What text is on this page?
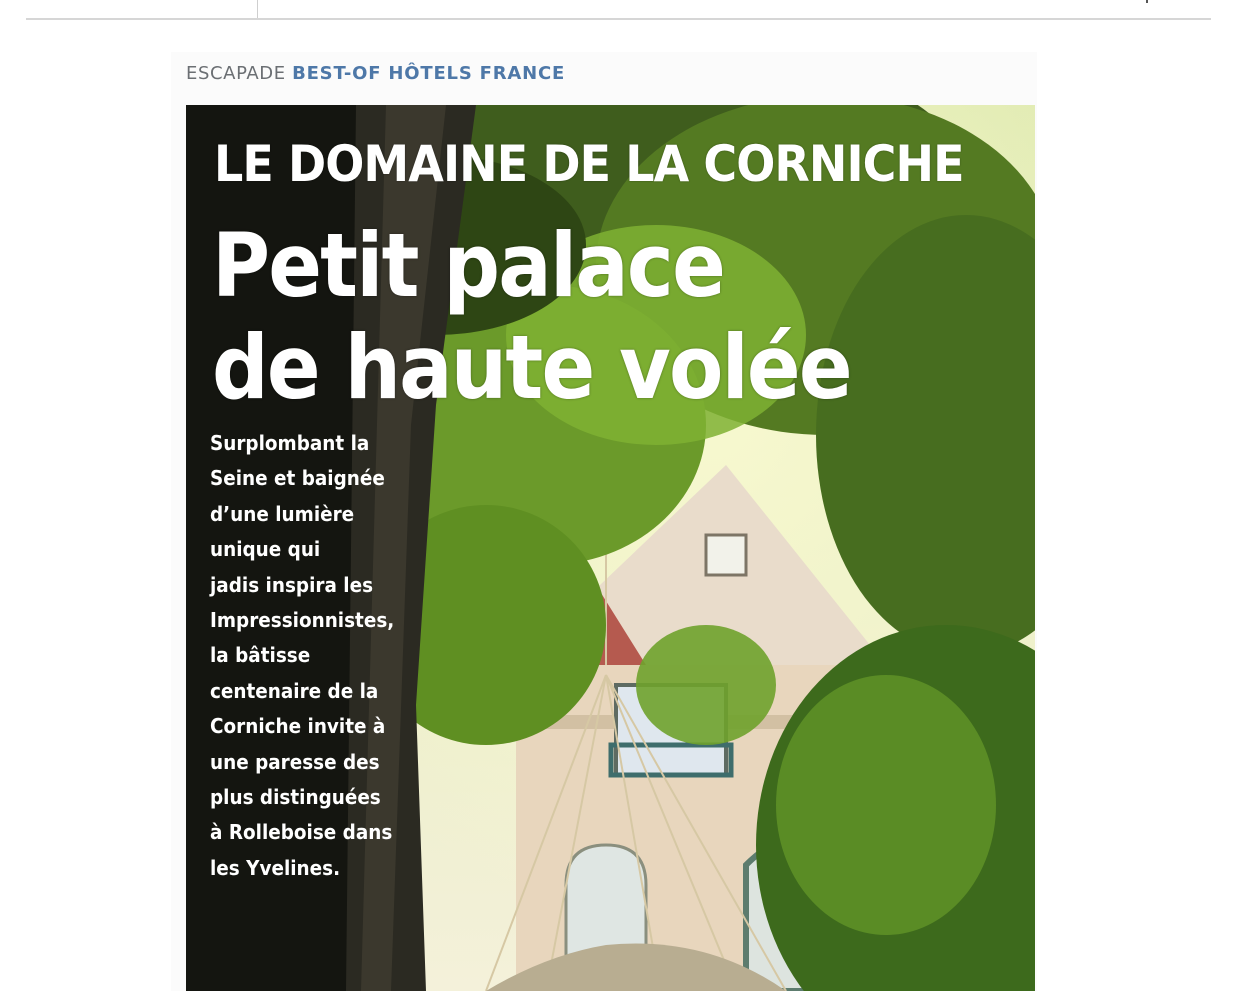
ESCAPADE BEST-OF HÔTELS FRANCE
LE DOMAINE DE LA CORNICHE
Petit palace
de haute volée
Surplombant la
Seine et baignée
d’une lumière
unique qui
jadis inspira les
Impressionnistes,
la bâtisse
centenaire de la
Corniche invite à
une paresse des
plus distinguées
à Rolleboise dans
les Yvelines.
